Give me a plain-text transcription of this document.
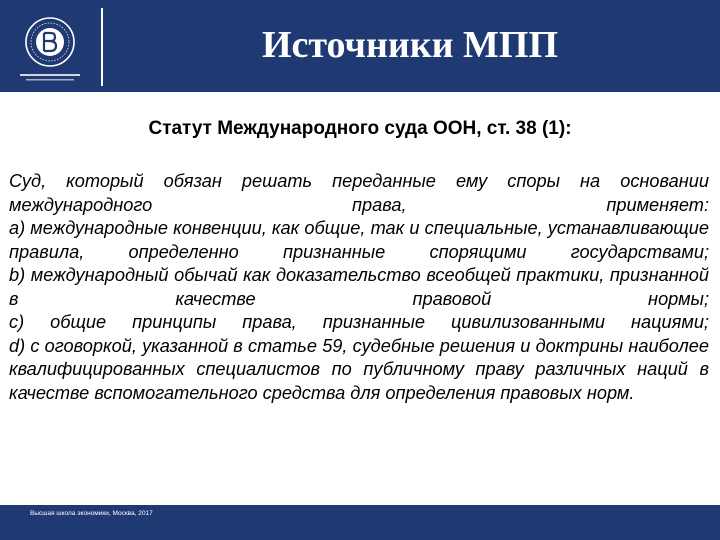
Источники МПП
Статут Международного суда ООН, ст. 38 (1):
Суд, который обязан решать переданные ему споры на основании международного права, применяет:
а) международные конвенции, как общие, так и специальные, устанавливающие правила, определенно признанные спорящими государствами;
b) международный обычай как доказательство всеобщей практики, признанной в качестве правовой нормы;
c) общие принципы права, признанные цивилизованными нациями;
d) с оговоркой, указанной в статье 59, судебные решения и доктрины наиболее квалифицированных специалистов по публичному праву различных наций в качестве вспомогательного средства для определения правовых норм.
Высшая школа экономики, Москва, 2017
